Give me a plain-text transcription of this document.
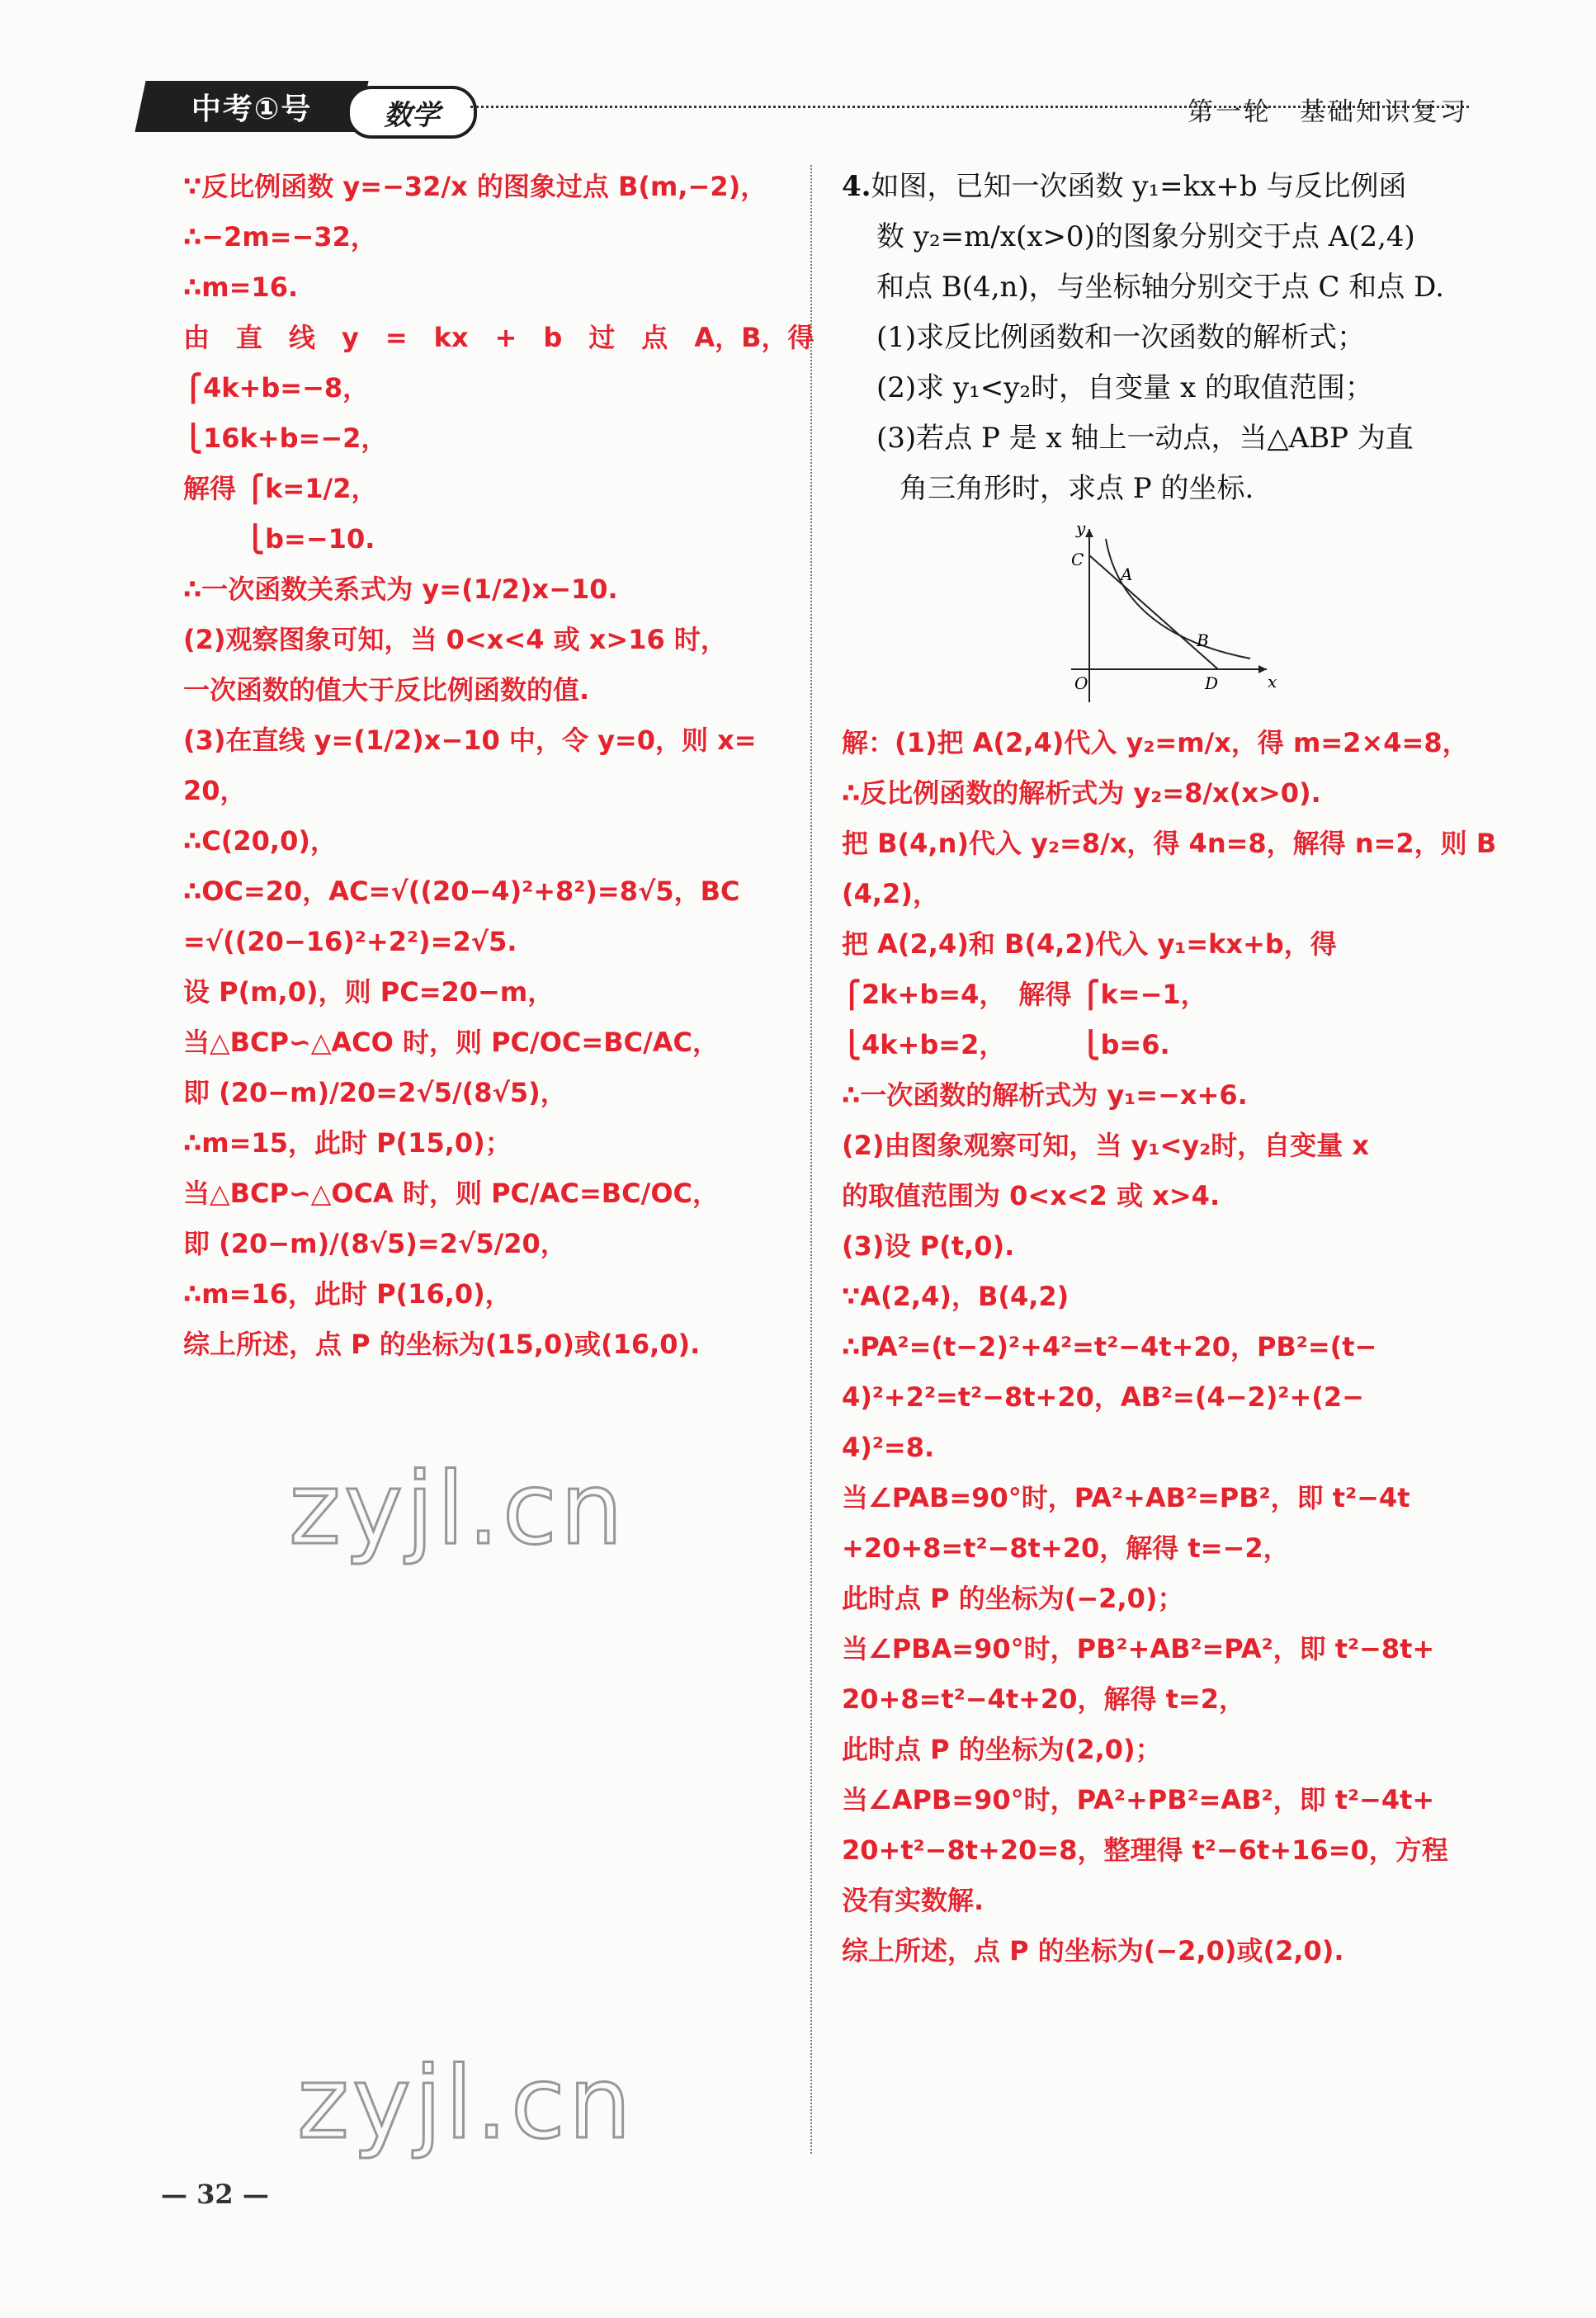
中考①号	数学	第一轮　基础知识复习
∵反比例函数 y=−32/x 的图象过点 B(m,−2)，
∴−2m=−32，
∴m=16.
由　直　线　y　=　kx　+　b　过　点　A，B，得
⎧4k+b=−8，
⎩16k+b=−2，
解得 ⎧k=1/2，
　　 ⎩b=−10.
∴一次函数关系式为 y=(1/2)x−10.
(2)观察图象可知，当 0<x<4 或 x>16 时，
一次函数的值大于反比例函数的值.
(3)在直线 y=(1/2)x−10 中，令 y=0，则 x=
20，
∴C(20,0)，
∴OC=20，AC=√((20−4)²+8²)=8√5，BC
=√((20−16)²+2²)=2√5.
设 P(m,0)，则 PC=20−m，
当△BCP∽△ACO 时，则 PC/OC=BC/AC，
即 (20−m)/20=2√5/(8√5)，
∴m=15，此时 P(15,0)；
当△BCP∽△OCA 时，则 PC/AC=BC/OC，
即 (20−m)/(8√5)=2√5/20，
∴m=16，此时 P(16,0)，
综上所述，点 P 的坐标为(15,0)或(16,0).
4.如图，已知一次函数 y₁=kx+b 与反比例函
数 y₂=m/x(x>0)的图象分别交于点 A(2,4)
和点 B(4,n)，与坐标轴分别交于点 C 和点 D.
(1)求反比例函数和一次函数的解析式；
(2)求 y₁<y₂时，自变量 x 的取值范围；
(3)若点 P 是 x 轴上一动点，当△ABP 为直
角三角形时，求点 P 的坐标.
y
x
O
C
A
B
D
解：(1)把 A(2,4)代入 y₂=m/x，得 m=2×4=8，
∴反比例函数的解析式为 y₂=8/x(x>0).
把 B(4,n)代入 y₂=8/x，得 4n=8，解得 n=2，则 B
(4,2)，
把 A(2,4)和 B(4,2)代入 y₁=kx+b，得
⎧2k+b=4，　解得 ⎧k=−1，
⎩4k+b=2，　　　 ⎩b=6.
∴一次函数的解析式为 y₁=−x+6.
(2)由图象观察可知，当 y₁<y₂时，自变量 x
的取值范围为 0<x<2 或 x>4.
(3)设 P(t,0).
∵A(2,4)，B(4,2)
∴PA²=(t−2)²+4²=t²−4t+20，PB²=(t−
4)²+2²=t²−8t+20，AB²=(4−2)²+(2−
4)²=8.
当∠PAB=90°时，PA²+AB²=PB²，即 t²−4t
+20+8=t²−8t+20，解得 t=−2，
此时点 P 的坐标为(−2,0)；
当∠PBA=90°时，PB²+AB²=PA²，即 t²−8t+
20+8=t²−4t+20，解得 t=2，
此时点 P 的坐标为(2,0)；
当∠APB=90°时，PA²+PB²=AB²，即 t²−4t+
20+t²−8t+20=8，整理得 t²−6t+16=0，方程
没有实数解.
综上所述，点 P 的坐标为(−2,0)或(2,0).
zyjl.cn
zyjl.cn
— 32 —
